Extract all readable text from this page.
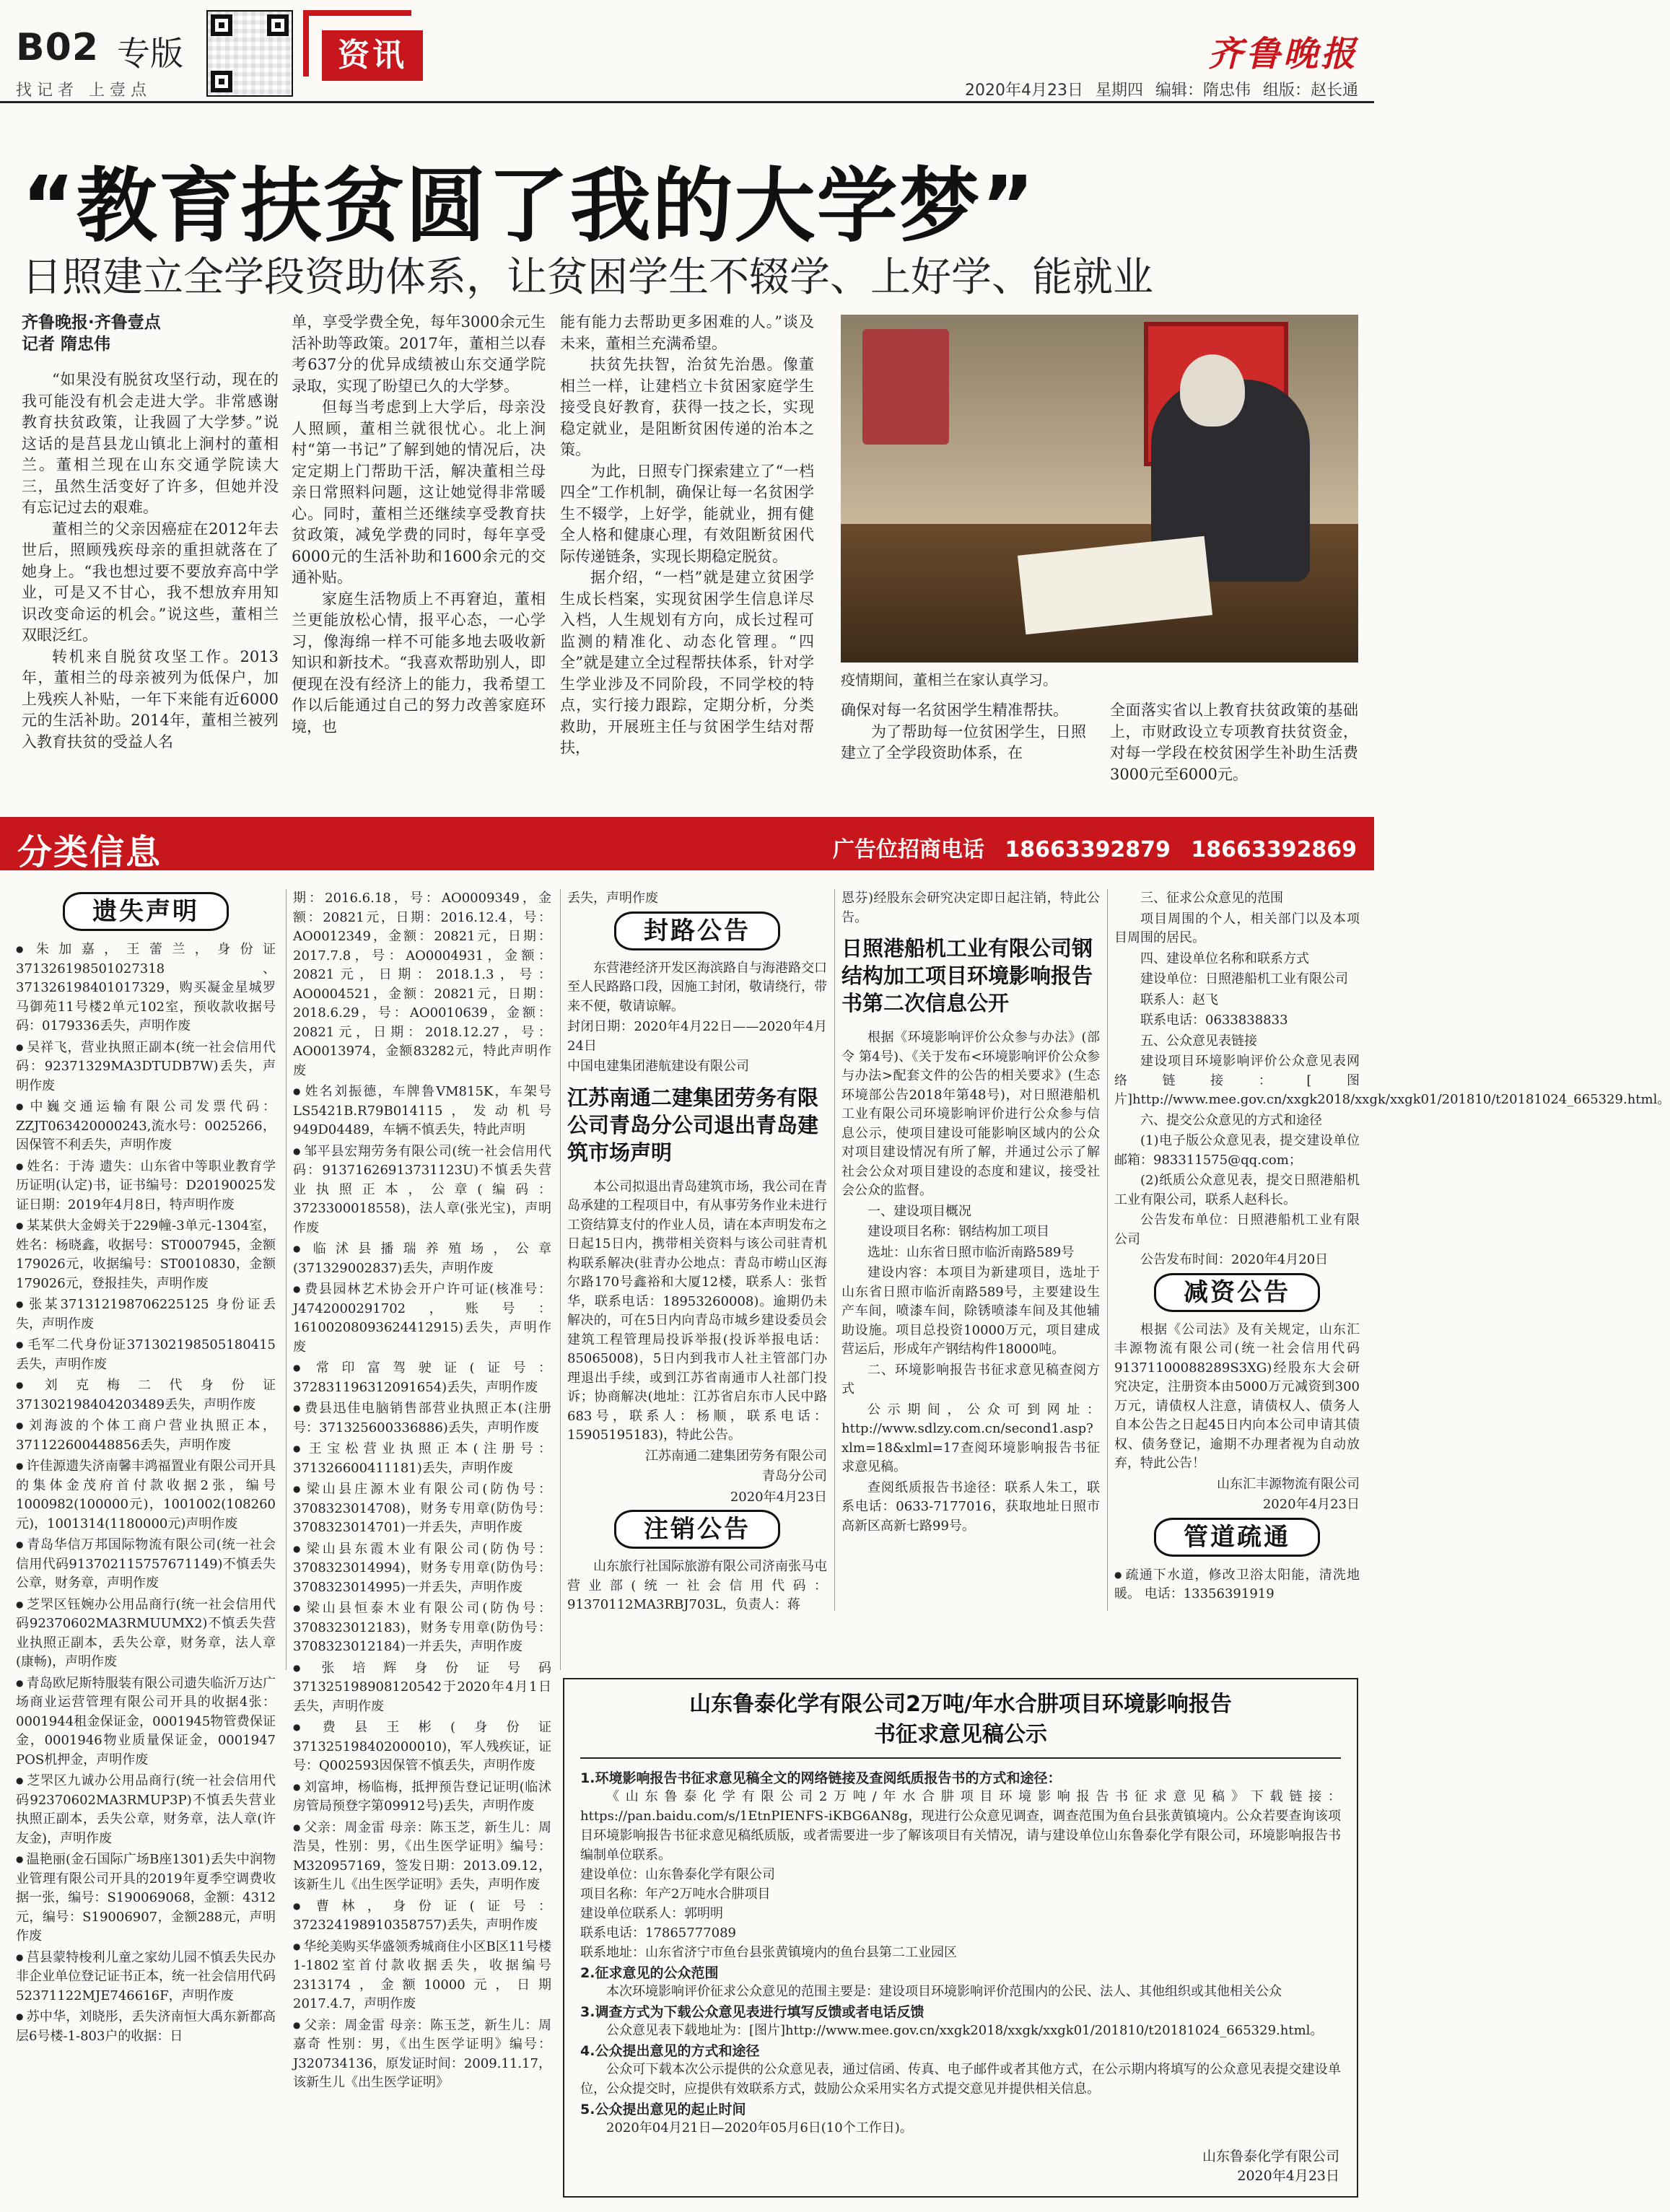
B02 专版
找记者 上壹点
资讯	齐鲁晚报
2020年4月23日 星期四 编辑：隋忠伟 组版：赵长通
“教育扶贫圆了我的大学梦”
日照建立全学段资助体系，让贫困学生不辍学、上好学、能就业
齐鲁晚报·齐鲁壹点
记者 隋忠伟

“如果没有脱贫攻坚行动，现在的我可能没有机会走进大学。非常感谢教育扶贫政策，让我圆了大学梦。”说这话的是莒县龙山镇北上涧村的董相兰。董相兰现在山东交通学院读大三，虽然生活变好了许多，但她并没有忘记过去的艰难。

董相兰的父亲因癌症在2012年去世后，照顾残疾母亲的重担就落在了她身上。“我也想过要不要放弃高中学业，可是又不甘心，我不想放弃用知识改变命运的机会。”说这些，董相兰双眼泛红。

转机来自脱贫攻坚工作。2013年，董相兰的母亲被列为低保户，加上残疾人补贴，一年下来能有近6000元的生活补助。2014年，董相兰被列入教育扶贫的受益人名

单，享受学费全免，每年3000余元生活补助等政策。2017年，董相兰以春考637分的优异成绩被山东交通学院录取，实现了盼望已久的大学梦。

但每当考虑到上大学后，母亲没人照顾，董相兰就很忧心。北上涧村“第一书记”了解到她的情况后，决定定期上门帮助干活，解决董相兰母亲日常照料问题，这让她觉得非常暖心。同时，董相兰还继续享受教育扶贫政策，减免学费的同时，每年享受6000元的生活补助和1600余元的交通补贴。

家庭生活物质上不再窘迫，董相兰更能放松心情，报平心态，一心学习，像海绵一样不可能多地去吸收新知识和新技术。“我喜欢帮助别人，即便现在没有经济上的能力，我希望工作以后能通过自己的努力改善家庭环境，也

能有能力去帮助更多困难的人。”谈及未来，董相兰充满希望。

扶贫先扶智，治贫先治愚。像董相兰一样，让建档立卡贫困家庭学生接受良好教育，获得一技之长，实现稳定就业，是阻断贫困传递的治本之策。

为此，日照专门探索建立了“一档四全”工作机制，确保让每一名贫困学生不辍学，上好学，能就业，拥有健全人格和健康心理，有效阻断贫困代际传递链条，实现长期稳定脱贫。

据介绍，“一档”就是建立贫困学生成长档案，实现贫困学生信息详尽入档，人生规划有方向，成长过程可监测的精准化、动态化管理。“四全”就是建立全过程帮扶体系，针对学生学业涉及不同阶段，不同学校的特点，实行接力跟踪，定期分析，分类救助，开展班主任与贫困学生结对帮扶，

疫情期间，董相兰在家认真学习。

确保对每一名贫困学生精准帮扶。

为了帮助每一位贫困学生，日照建立了全学段资助体系，在

全面落实省以上教育扶贫政策的基础上，市财政设立专项教育扶贫资金，对每一学段在校贫困学生补助生活费3000元至6000元。

分类信息	广告位招商电话 18663392879 18663392869
遗失声明
● 朱加嘉，王蕾兰，身份证371326198501027318、371326198401017329，购买凝金星城罗马御苑11号楼2单元102室，预收款收据号码：0179336丢失，声明作废
● 吴祥飞，营业执照正副本(统一社会信用代码：92371329MA3DTUDB7W)丢失，声明作废
● 中巍交通运输有限公司发票代码：ZZJT063420000243,流水号：0025266，因保管不利丢失，声明作废
● 姓名：于涛 遗失：山东省中等职业教育学历证明(认定)书，证书编号：D20190025发证日期：2019年4月8日，特声明作废
● 某某供大金姆关于229幢-3单元-1304室，姓名：杨晓鑫，收据号：ST0007945，金额179026元，收据编号：ST0010830，金额179026元，登报挂失，声明作废
● 张某371312198706225125 身份证丢失，声明作废
● 毛军二代身份证371302198505180415丢失，声明作废
● 刘克梅二代身份证371302198404203489丢失，声明作废
● 刘海波的个体工商户营业执照正本，371122600448856丢失，声明作废
● 许佳源遗失济南馨丰鸿福置业有限公司开具的集体金茂府首付款收据2张，编号1000982(100000元)，1001002(108260元)，1001314(1180000元)声明作废
● 青岛华信万邦国际物流有限公司(统一社会信用代码913702115757671149)不慎丢失公章，财务章，声明作废
● 芝罘区钰婉办公用品商行(统一社会信用代码92370602MA3RMUUMX2)不慎丢失营业执照正副本，丢失公章，财务章，法人章(康畅)，声明作废
● 青岛欧尼斯特服装有限公司遗失临沂万达广场商业运营管理有限公司开具的收据4张：0001944租金保证金，0001945物管费保证金，0001946物业质量保证金，0001947 POS机押金，声明作废
● 芝罘区九诚办公用品商行(统一社会信用代码92370602MA3RMUP3P)不慎丢失营业执照正副本，丢失公章，财务章，法人章(许友金)，声明作废
● 温艳丽(金石国际广场B座1301)丢失中润物业管理有限公司开具的2019年夏季空调费收据一张，编号：S190069068，金额：4312元，编号：S19006907，金额288元，声明作废
● 莒县蒙特梭利儿童之家幼儿园不慎丢失民办非企业单位登记证书正本，统一社会信用代码52371122MJE746616F，声明作废
● 苏中华，刘晓彤，丢失济南恒大禹东新都高层6号楼-1-803户的收据：日
期：2016.6.18，号：AO0009349，金额：20821元，日期：2016.12.4，号：AO0012349，金额：20821元，日期：2017.7.8，号：AO0004931，金额：20821元，日期：2018.1.3，号：AO0004521，金额：20821元，日期：2018.6.29，号：AO0010639，金额：20821元，日期：2018.12.27，号：AO0013974，金额83282元，特此声明作废
● 姓名刘振德，车牌鲁VM815K，车架号LS5421B.R79B014115，发动机号949D04489，车辆不慎丢失，特此声明
● 邹平县宏翔劳务有限公司(统一社会信用代码：91371626913731123U)不慎丢失营业执照正本，公章(编码：3723300018558)，法人章(张光宝)，声明作废
● 临沭县播瑞养殖场，公章(371329002837)丢失，声明作废
● 费县园林艺术协会开户许可证(核准号：J4742000291702，账号：16100208093624412915)丢失，声明作废
● 常印富驾驶证(证号：372831196312091654)丢失，声明作废
● 费县迅佳电脑销售部营业执照正本(注册号：371325600336886)丢失，声明作废
● 王宝松营业执照正本(注册号：371326600411181)丢失，声明作废
● 梁山县庄源木业有限公司(防伪号：3708323014708)，财务专用章(防伪号：3708323014701)一并丢失，声明作废
● 梁山县东霞木业有限公司(防伪号：3708323014994)，财务专用章(防伪号：3708323014995)一并丢失，声明作废
● 梁山县恒泰木业有限公司(防伪号：3708323012183)，财务专用章(防伪号：3708323012184)一并丢失，声明作废
● 张培辉身份证号码371325198908120542于2020年4月1日丢失，声明作废
● 费县王彬(身份证371325198402000010)，军人残疾证，证号：Q002593因保管不慎丢失，声明作废
● 刘富坤，杨临梅，抵押预告登记证明(临沭房管局预登字第09912号)丢失，声明作废
● 父亲：周金雷 母亲：陈玉芝，新生儿：周浩昊，性别：男，《出生医学证明》编号：M320957169，签发日期：2013.09.12，该新生儿《出生医学证明》丢失，声明作废
● 曹林，身份证(证号：372324198910358757)丢失，声明作废
● 华纶美购买华盛领秀城商住小区B区11号楼1-1802室首付款收据丢失，收据编号2313174，金额10000元，日期2017.4.7，声明作废
● 父亲：周金雷 母亲：陈玉芝，新生儿：周嘉奇 性别：男，《出生医学证明》编号：J320734136，原发证时间：2009.11.17，该新生儿《出生医学证明》
丢失，声明作废
封路公告
东营港经济开发区海滨路自与海港路交口至人民路路口段，因施工封闭，敬请绕行，带来不便，敬请谅解。
封闭日期：2020年4月22日——2020年4月24日
中国电建集团港航建设有限公司
江苏南通二建集团劳务有限公司青岛分公司退出青岛建筑市场声明
本公司拟退出青岛建筑市场，我公司在青岛承建的工程项目中，有从事劳务作业未进行工资结算支付的作业人员，请在本声明发布之日起15日内，携带相关资料与该公司驻青机构联系解决(驻青办公地点：青岛市崂山区海尔路170号鑫裕和大厦12楼，联系人：张哲华，联系电话：18953260008)。逾期仍未解决的，可在5日内向青岛市城乡建设委员会建筑工程管理局投诉举报(投诉举报电话：85065008)，5日内到我市人社主管部门办理退出手续，或到江苏省南通市人社部门投诉；协商解决(地址：江苏省启东市人民中路683号，联系人：杨顺，联系电话：15905195183)，特此公告。
江苏南通二建集团劳务有限公司
青岛分公司
2020年4月23日
注销公告
山东旅行社国际旅游有限公司济南张马屯营业部(统一社会信用代码：91370112MA3RBJ703L，负责人：蒋
恩芬)经股东会研究决定即日起注销，特此公告。
日照港船机工业有限公司钢结构加工项目环境影响报告书第二次信息公开
根据《环境影响评价公众参与办法》(部令 第4号)、《关于发布<环境影响评价公众参与办法>配套文件的公告的相关要求》(生态环境部公告2018年第48号)，对日照港船机工业有限公司环境影响评价进行公众参与信息公示，使项目建设可能影响区域内的公众对项目建设情况有所了解，并通过公示了解社会公众对项目建设的态度和建议，接受社会公众的监督。
一、建设项目概况
建设项目名称：钢结构加工项目
选址：山东省日照市临沂南路589号
建设内容：本项目为新建项目，选址于山东省日照市临沂南路589号，主要建设生产车间，喷漆车间，除锈喷漆车间及其他辅助设施。项目总投资10000万元，项目建成营运后，形成年产钢结构件18000吨。
二、环境影响报告书征求意见稿查阅方式
公示期间，公众可到网址：http://www.sdlzy.com.cn/second1.asp?xlm=18&xlml=17查阅环境影响报告书征求意见稿。
查阅纸质报告书途径：联系人朱工，联系电话：0633-7177016，获取地址日照市高新区高新七路99号。
三、征求公众意见的范围
项目周围的个人，相关部门以及本项目周围的居民。
四、建设单位名称和联系方式
建设单位：日照港船机工业有限公司
联系人：赵飞
联系电话：0633838833
五、公众意见表链接
建设项目环境影响评价公众意见表网络链接：[图片]http://www.mee.gov.cn/xxgk2018/xxgk/xxgk01/201810/t20181024_665329.html。
六、提交公众意见的方式和途径
(1)电子版公众意见表，提交建设单位邮箱：983311575@qq.com；
(2)纸质公众意见表，提交日照港船机工业有限公司，联系人赵科长。
公告发布单位：日照港船机工业有限公司
公告发布时间：2020年4月20日
减资公告
根据《公司法》及有关规定，山东汇丰源物流有限公司(统一社会信用代码91371100088289S3XG)经股东大会研究决定，注册资本由5000万元减资到300万元，请债权人注意，请债权人、债务人自本公告之日起45日内向本公司申请其债权、债务登记，逾期不办理者视为自动放弃，特此公告！
山东汇丰源物流有限公司
2020年4月23日
管道疏通
● 疏通下水道，修改卫浴太阳能，清洗地暖。 电话：13356391919
山东鲁泰化学有限公司2万吨/年水合肼项目环境影响报告
书征求意见稿公示
1.环境影响报告书征求意见稿全文的网络链接及查阅纸质报告书的方式和途径：
《山东鲁泰化学有限公司2万吨/年水合肼项目环境影响报告书征求意见稿》下载链接：https://pan.baidu.com/s/1EtnPIENFS-iKBG6AN8g，现进行公众意见调查，调查范围为鱼台县张黄镇境内。公众若要查询该项目环境影响报告书征求意见稿纸质版，或者需要进一步了解该项目有关情况，请与建设单位山东鲁泰化学有限公司，环境影响报告书编制单位联系。
建设单位：山东鲁泰化学有限公司
项目名称：年产2万吨水合肼项目
建设单位联系人：郭明明
联系电话：17865777089
联系地址：山东省济宁市鱼台县张黄镇境内的鱼台县第二工业园区
2.征求意见的公众范围
本次环境影响评价征求公众意见的范围主要是：建设项目环境影响评价范围内的公民、法人、其他组织或其他相关公众
3.调查方式为下载公众意见表进行填写反馈或者电话反馈
公众意见表下载地址为：[图片]http://www.mee.gov.cn/xxgk2018/xxgk/xxgk01/201810/t20181024_665329.html。
4.公众提出意见的方式和途径
公众可下载本次公示提供的公众意见表，通过信函、传真、电子邮件或者其他方式，在公示期内将填写的公众意见表提交建设单位，公众提交时，应提供有效联系方式，鼓励公众采用实名方式提交意见并提供相关信息。
5.公众提出意见的起止时间
2020年04月21日—2020年05月6日(10个工作日)。
山东鲁泰化学有限公司
2020年4月23日
